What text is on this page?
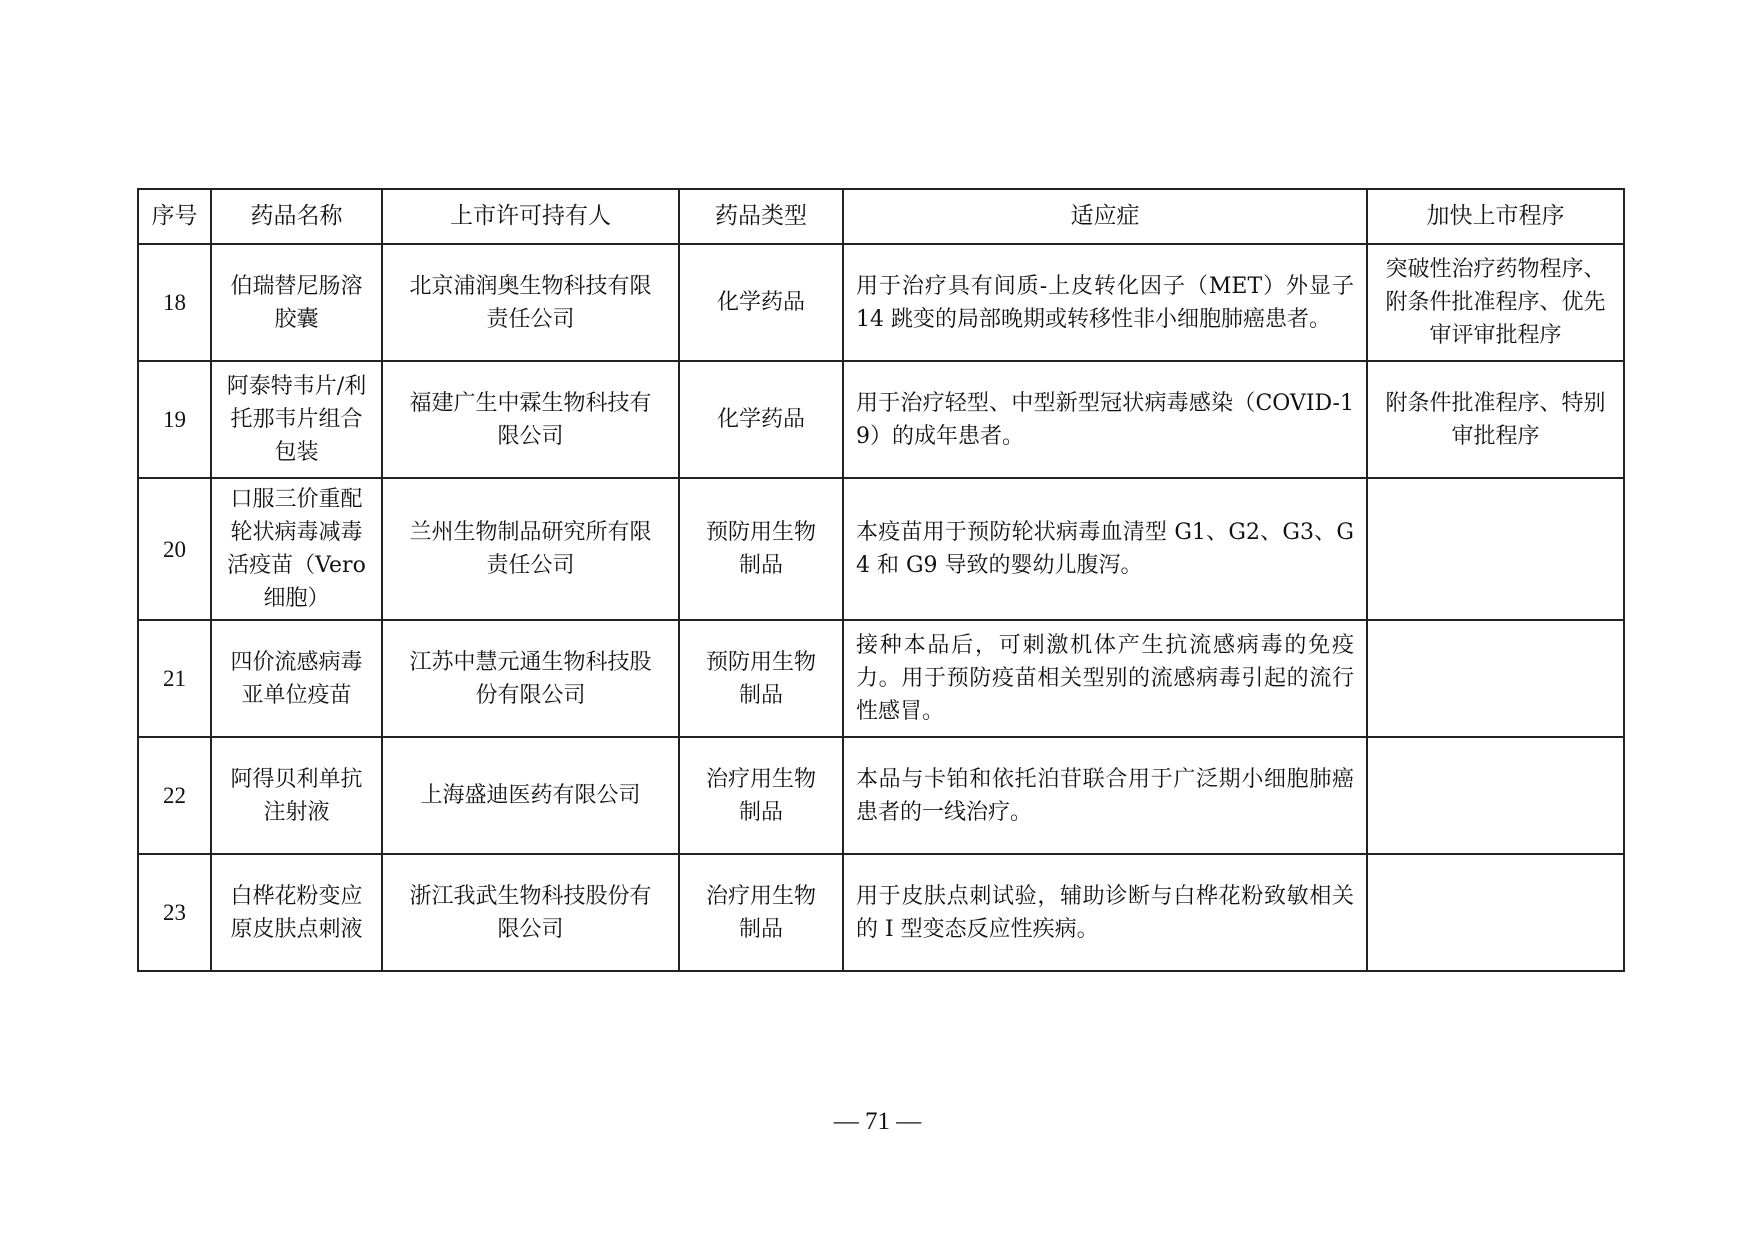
序号	药品名称	上市许可持有人	药品类型	适应症	加快上市程序
18	伯瑞替尼肠溶胶囊	北京浦润奥生物科技有限责任公司	化学药品	用于治疗具有间质-上皮转化因子（MET）外显子 14 跳变的局部晚期或转移性非小细胞肺癌患者。	突破性治疗药物程序、附条件批准程序、优先审评审批程序
19	阿泰特韦片/利托那韦片组合包装	福建广生中霖生物科技有限公司	化学药品	用于治疗轻型、中型新型冠状病毒感染（COVID-19）的成年患者。	附条件批准程序、特别审批程序
20	口服三价重配轮状病毒减毒活疫苗（Vero 细胞）	兰州生物制品研究所有限责任公司	预防用生物制品	本疫苗用于预防轮状病毒血清型 G1、G2、G3、G4 和 G9 导致的婴幼儿腹泻。	
21	四价流感病毒亚单位疫苗	江苏中慧元通生物科技股份有限公司	预防用生物制品	接种本品后，可刺激机体产生抗流感病毒的免疫力。用于预防疫苗相关型别的流感病毒引起的流行性感冒。	
22	阿得贝利单抗注射液	上海盛迪医药有限公司	治疗用生物制品	本品与卡铂和依托泊苷联合用于广泛期小细胞肺癌患者的一线治疗。	
23	白桦花粉变应原皮肤点刺液	浙江我武生物科技股份有限公司	治疗用生物制品	用于皮肤点刺试验，辅助诊断与白桦花粉致敏相关的 I 型变态反应性疾病。	
— 71 —
